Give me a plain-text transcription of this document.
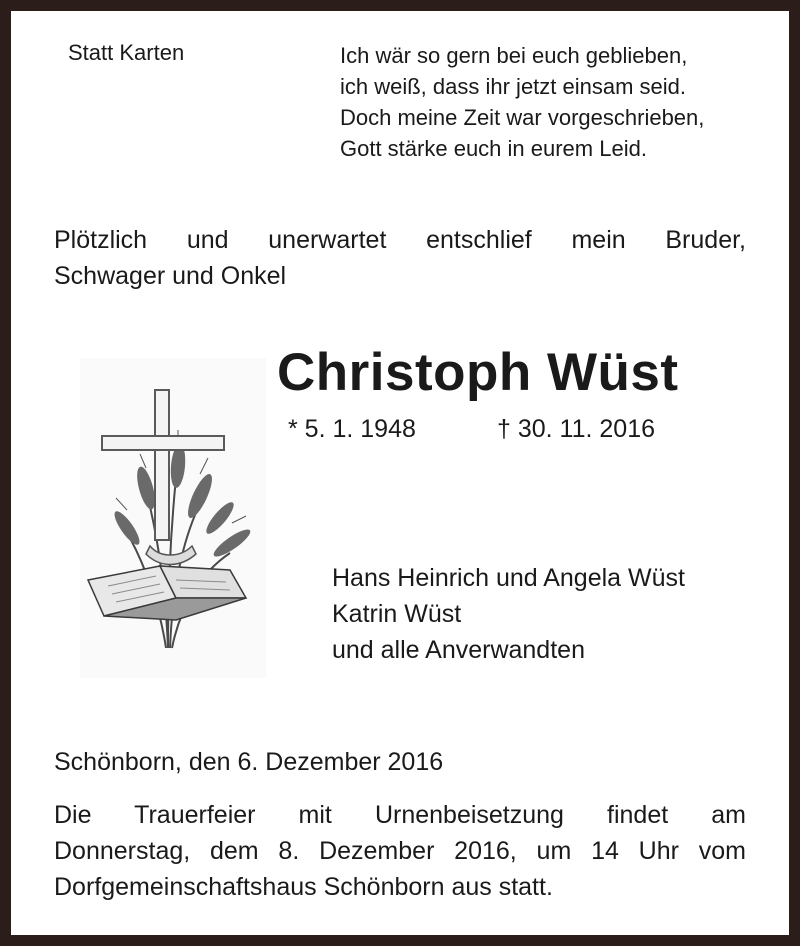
Statt Karten	Ich wär so gern bei euch geblieben,
ich weiß, dass ihr jetzt einsam seid.
Doch meine Zeit war vorgeschrieben,
Gott stärke euch in eurem Leid.
Plötzlich und unerwartet entschlief mein Bruder,
Schwager und Onkel
Christoph Wüst
* 5. 1. 1948	† 30. 11. 2016
Hans Heinrich und Angela Wüst
Katrin Wüst
und alle Anverwandten
Schönborn, den 6. Dezember 2016
Die Trauerfeier mit Urnenbeisetzung findet am
Donnerstag, dem 8. Dezember 2016, um 14 Uhr vom
Dorfgemeinschaftshaus Schönborn aus statt.
